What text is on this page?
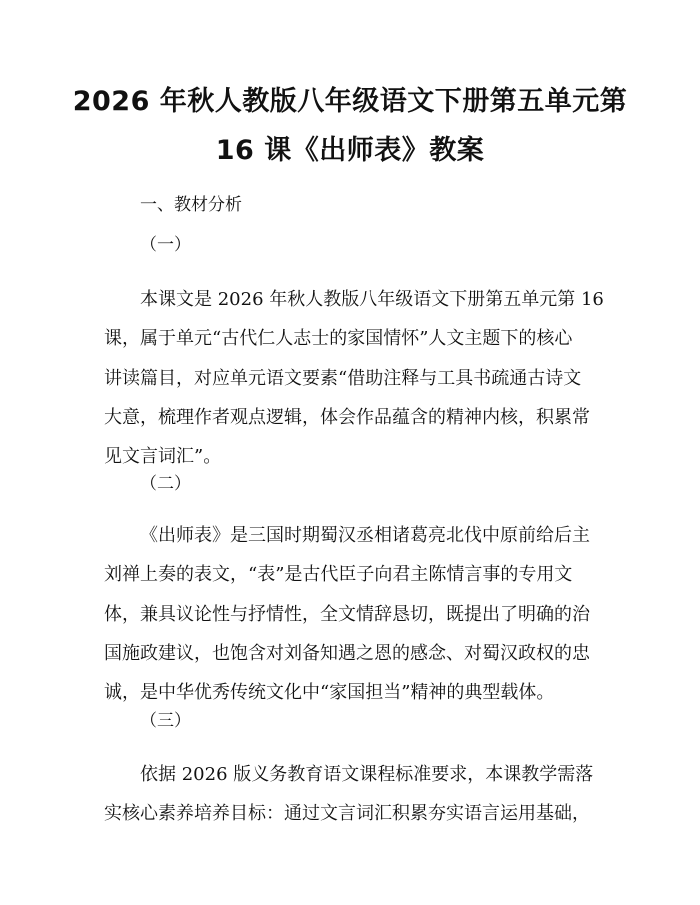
2026 年秋人教版八年级语文下册第五单元第
16 课《出师表》教案
一、教材分析
（一）
本课文是 2026 年秋人教版八年级语文下册第五单元第 16
课，属于单元“古代仁人志士的家国情怀”人文主题下的核心
讲读篇目，对应单元语文要素“借助注释与工具书疏通古诗文
大意，梳理作者观点逻辑，体会作品蕴含的精神内核，积累常
见文言词汇”。
（二）
《出师表》是三国时期蜀汉丞相诸葛亮北伐中原前给后主
刘禅上奏的表文，“表”是古代臣子向君主陈情言事的专用文
体，兼具议论性与抒情性，全文情辞恳切，既提出了明确的治
国施政建议，也饱含对刘备知遇之恩的感念、对蜀汉政权的忠
诚，是中华优秀传统文化中“家国担当”精神的典型载体。
（三）
依据 2026 版义务教育语文课程标准要求，本课教学需落
实核心素养培养目标：通过文言词汇积累夯实语言运用基础，
